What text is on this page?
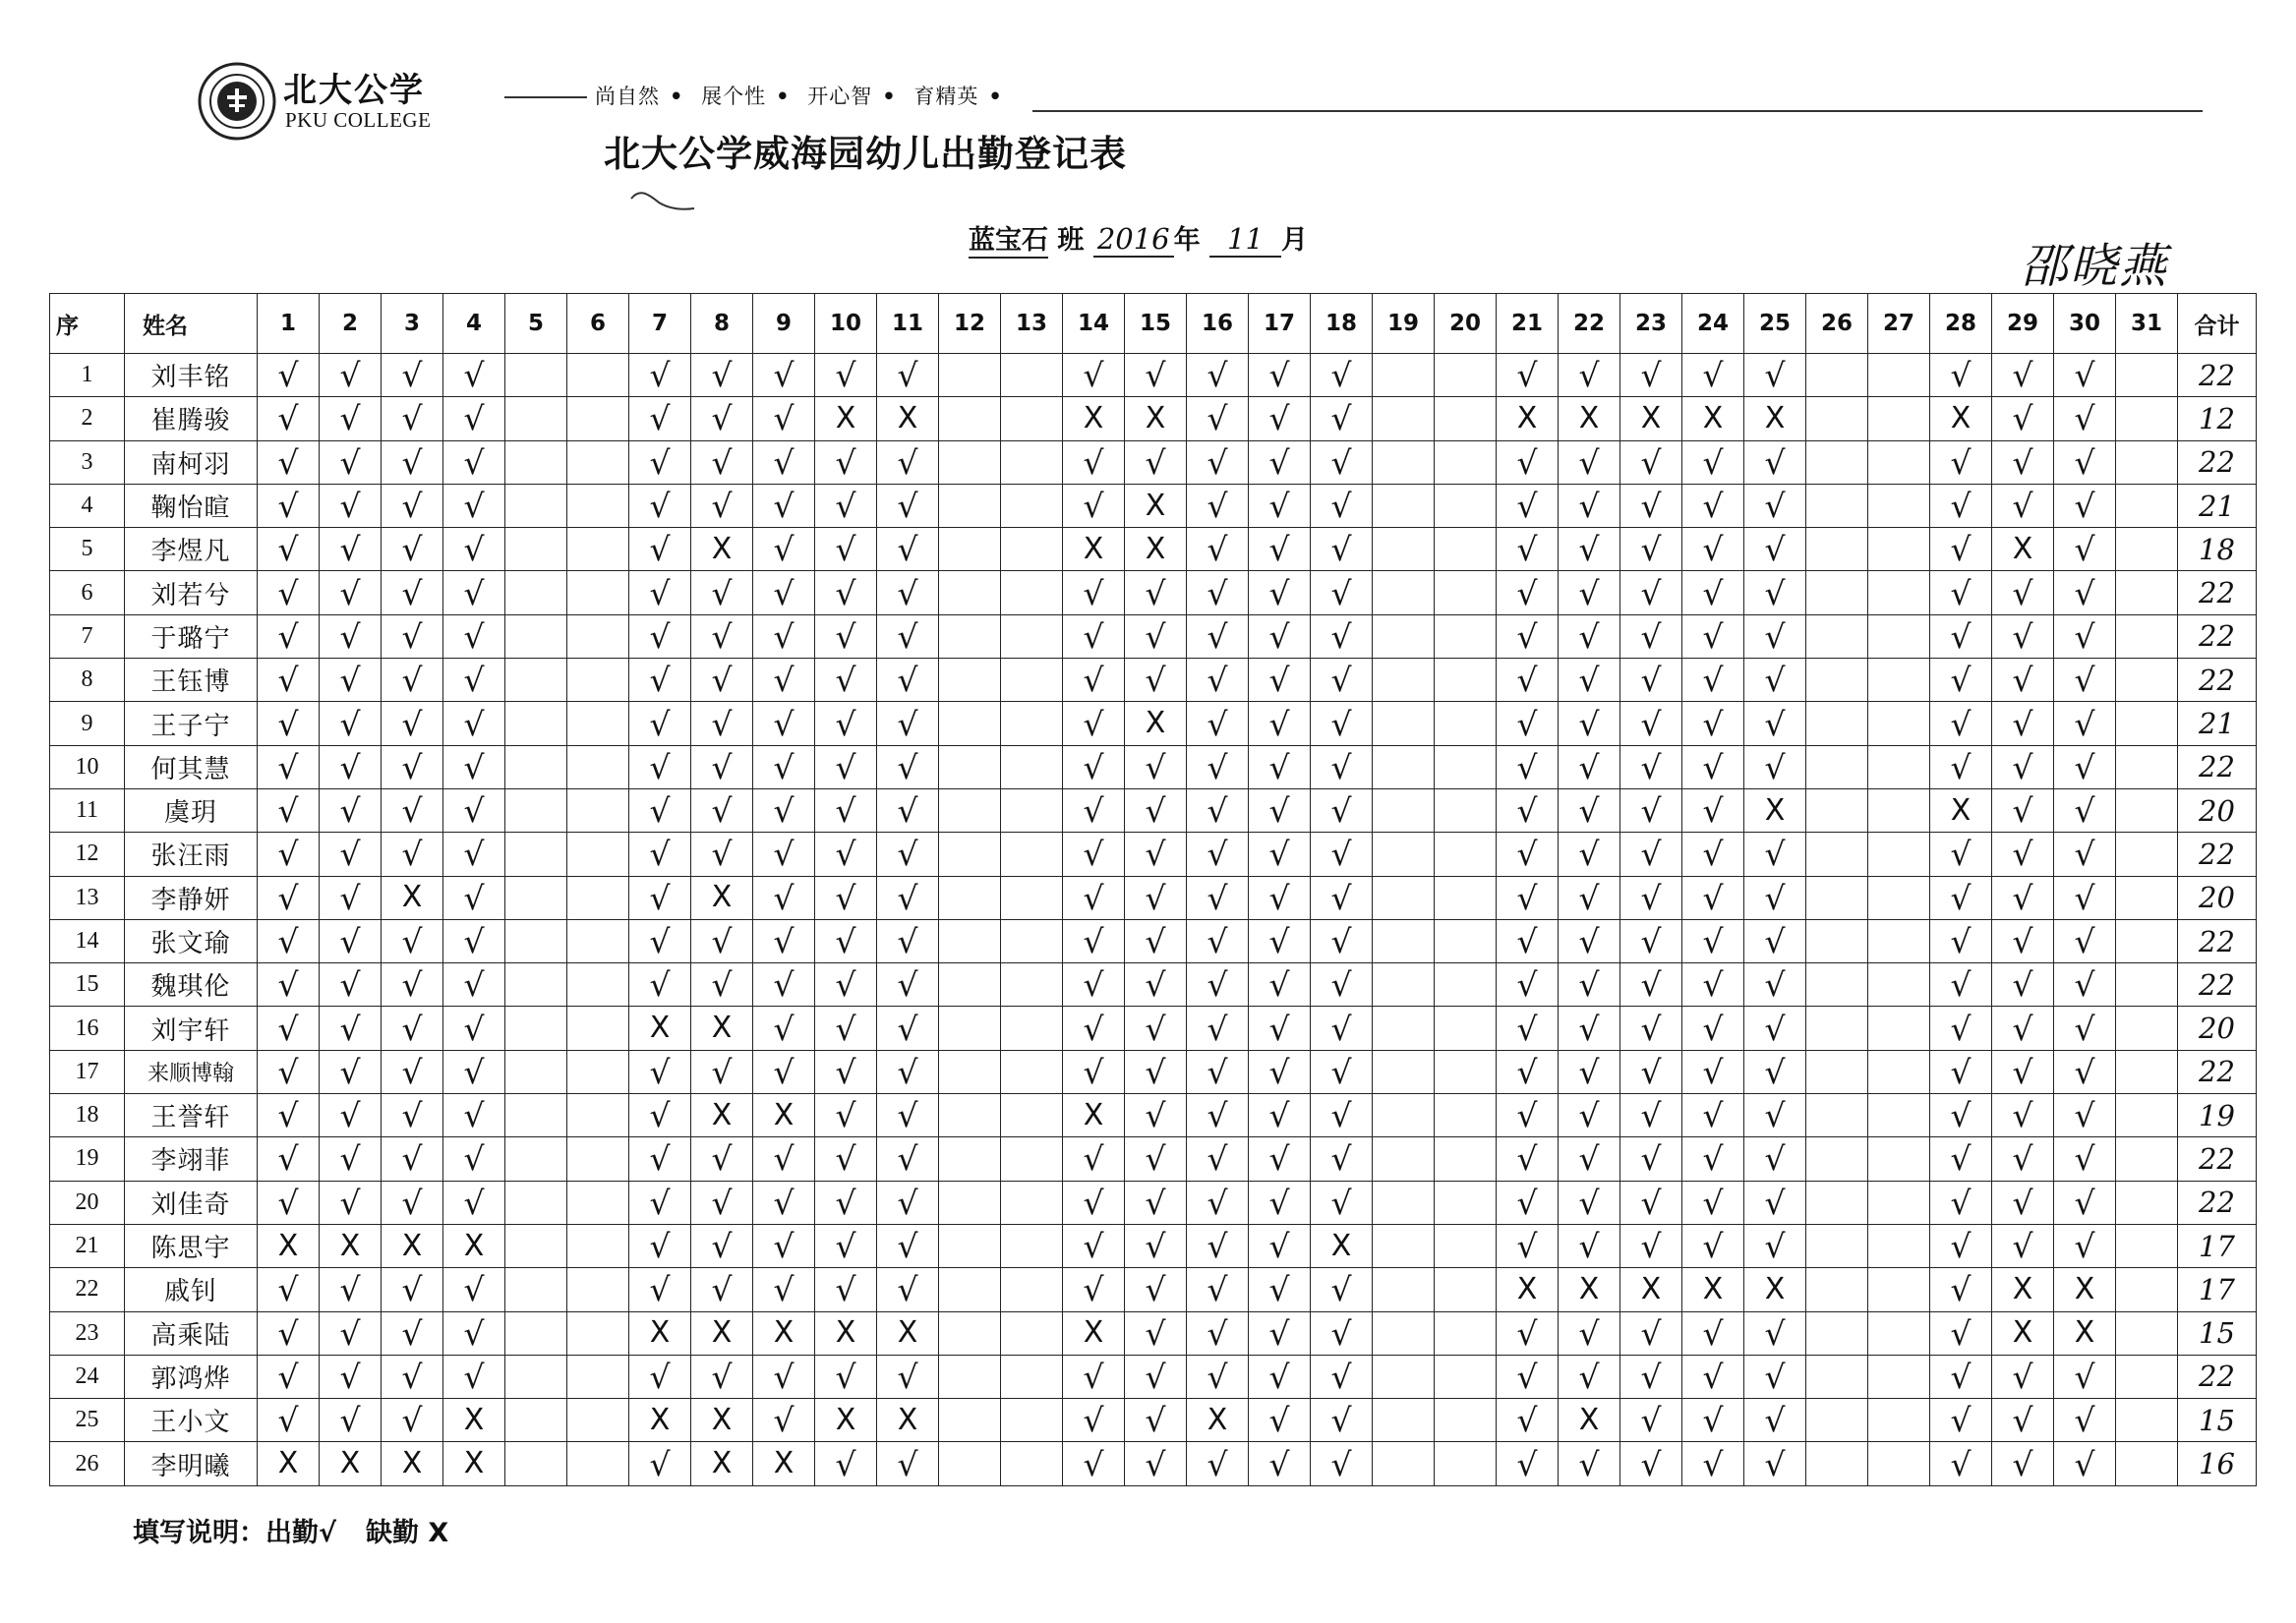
北大公学
PKU COLLEGE
尚自然 • 展个性 • 开心智 • 育精英 •
北大公学威海园幼儿出勤登记表
蓝宝石 班 2016 年 11 月	邵晓燕
序	姓名	1	2	3	4	5	6	7	8	9	10	11	12	13	14	15	16	17	18	19	20	21	22	23	24	25	26	27	28	29	30	31	合计
1	刘丰铭	√	√	√	√			√	√	√	√	√			√	√	√	√	√			√	√	√	√	√			√	√	√		22
2	崔腾骏	√	√	√	√			√	√	√	X	X			X	X	√	√	√			X	X	X	X	X			X	√	√		12
3	南柯羽	√	√	√	√			√	√	√	√	√			√	√	√	√	√			√	√	√	√	√			√	√	√		22
4	鞠怡暄	√	√	√	√			√	√	√	√	√			√	X	√	√	√			√	√	√	√	√			√	√	√		21
5	李煜凡	√	√	√	√			√	X	√	√	√			X	X	√	√	√			√	√	√	√	√			√	X	√		18
6	刘若兮	√	√	√	√			√	√	√	√	√			√	√	√	√	√			√	√	√	√	√			√	√	√		22
7	于璐宁	√	√	√	√			√	√	√	√	√			√	√	√	√	√			√	√	√	√	√			√	√	√		22
8	王钰博	√	√	√	√			√	√	√	√	√			√	√	√	√	√			√	√	√	√	√			√	√	√		22
9	王子宁	√	√	√	√			√	√	√	√	√			√	X	√	√	√			√	√	√	√	√			√	√	√		21
10	何其慧	√	√	√	√			√	√	√	√	√			√	√	√	√	√			√	√	√	√	√			√	√	√		22
11	虞玥	√	√	√	√			√	√	√	√	√			√	√	√	√	√			√	√	√	√	X			X	√	√		20
12	张汪雨	√	√	√	√			√	√	√	√	√			√	√	√	√	√			√	√	√	√	√			√	√	√		22
13	李静妍	√	√	X	√			√	X	√	√	√			√	√	√	√	√			√	√	√	√	√			√	√	√		20
14	张文瑜	√	√	√	√			√	√	√	√	√			√	√	√	√	√			√	√	√	√	√			√	√	√		22
15	魏琪伦	√	√	√	√			√	√	√	√	√			√	√	√	√	√			√	√	√	√	√			√	√	√		22
16	刘宇轩	√	√	√	√			X	X	√	√	√			√	√	√	√	√			√	√	√	√	√			√	√	√		20
17	来顺博翰	√	√	√	√			√	√	√	√	√			√	√	√	√	√			√	√	√	√	√			√	√	√		22
18	王誉轩	√	√	√	√			√	X	X	√	√			X	√	√	√	√			√	√	√	√	√			√	√	√		19
19	李翊菲	√	√	√	√			√	√	√	√	√			√	√	√	√	√			√	√	√	√	√			√	√	√		22
20	刘佳奇	√	√	√	√			√	√	√	√	√			√	√	√	√	√			√	√	√	√	√			√	√	√		22
21	陈思宇	X	X	X	X			√	√	√	√	√			√	√	√	√	X			√	√	√	√	√			√	√	√		17
22	戚钊	√	√	√	√			√	√	√	√	√			√	√	√	√	√			X	X	X	X	X			√	X	X		17
23	高乘陆	√	√	√	√			X	X	X	X	X			X	√	√	√	√			√	√	√	√	√			√	X	X		15
24	郭鸿烨	√	√	√	√			√	√	√	√	√			√	√	√	√	√			√	√	√	√	√			√	√	√		22
25	王小文	√	√	√	X			X	X	√	X	X			√	√	X	√	√			√	X	√	√	√			√	√	√		15
26	李明曦	X	X	X	X			√	X	X	√	√			√	√	√	√	√			√	√	√	√	√			√	√	√		16
填写说明：出勤√ 缺勤 X
